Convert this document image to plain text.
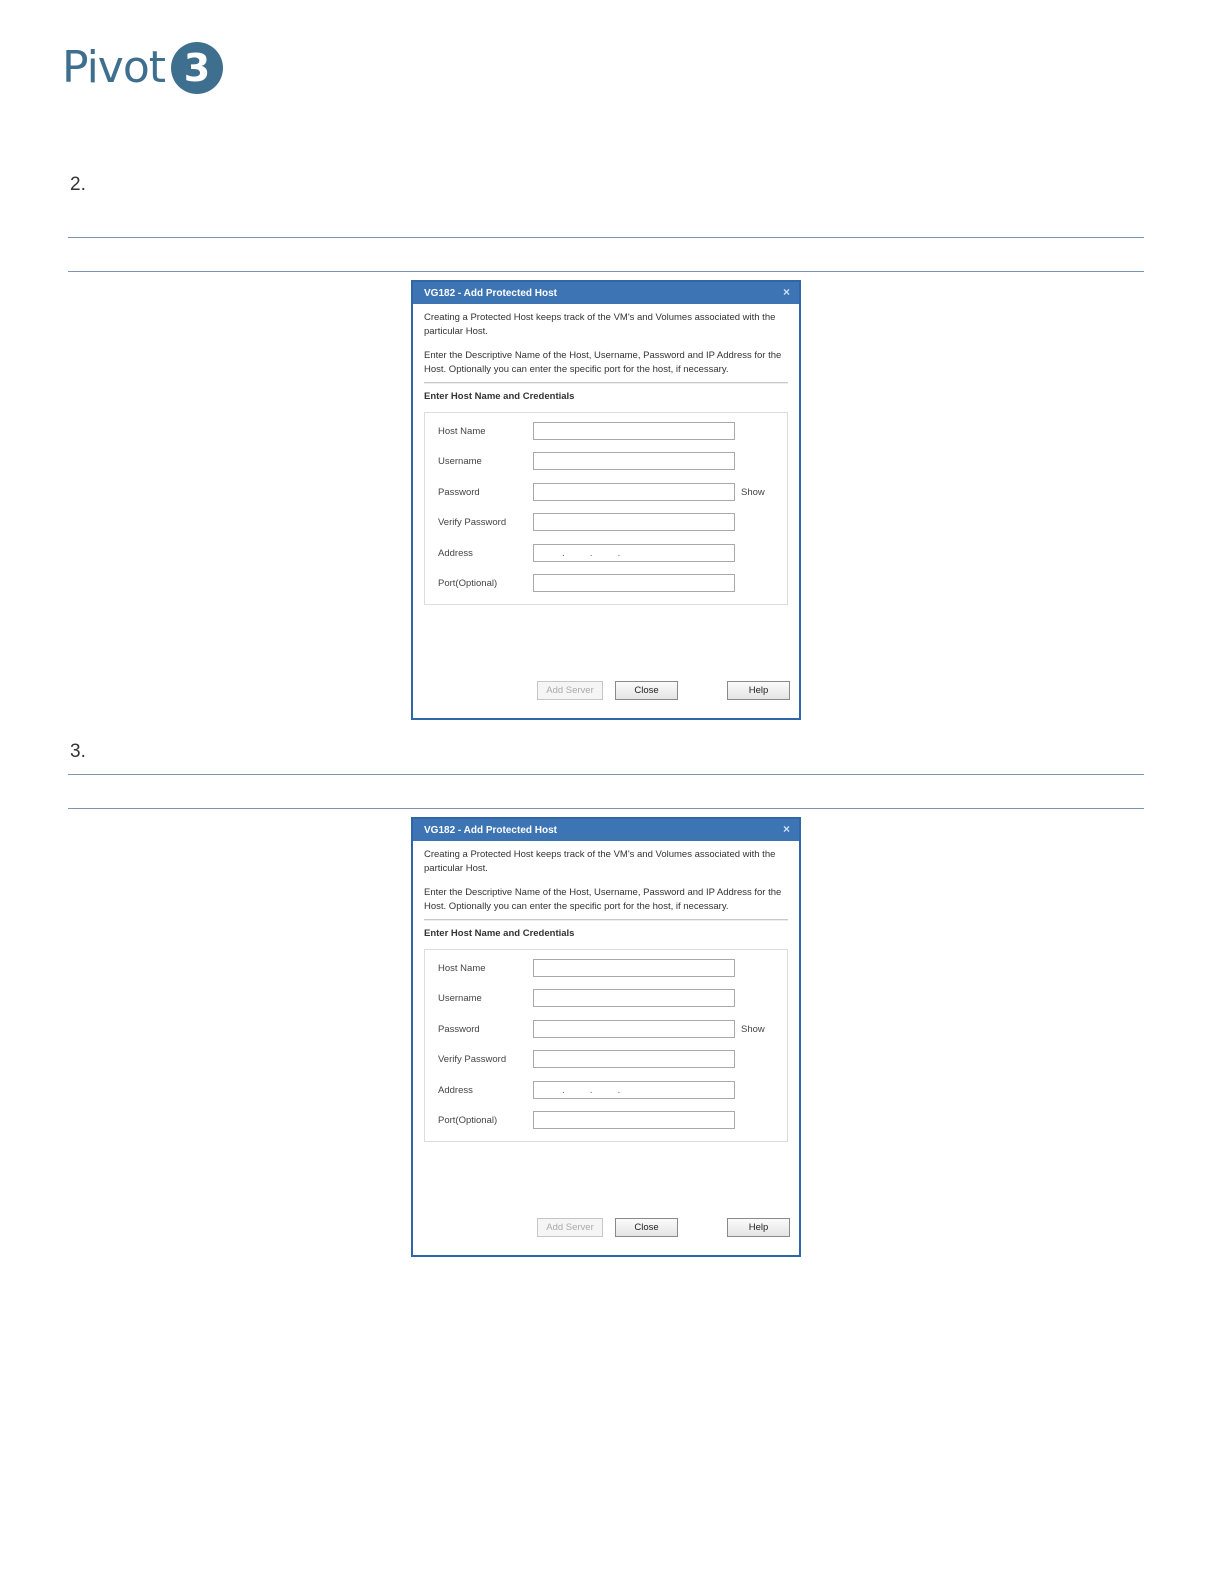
Pivot 3
2.
VG182 - Add Protected Host	×

Creating a Protected Host keeps track of the VM's and Volumes associated with the particular Host.

Enter the Descriptive Name of the Host, Username, Password and IP Address for the Host. Optionally you can enter the specific port for the host, if necessary.

Enter Host Name and Credentials
Host Name
Username
Password	Show
Verify Password
Address	...
Port(Optional)
Add Server	Close	Help
3.
VG182 - Add Protected Host	×

Creating a Protected Host keeps track of the VM's and Volumes associated with the particular Host.

Enter the Descriptive Name of the Host, Username, Password and IP Address for the Host. Optionally you can enter the specific port for the host, if necessary.

Enter Host Name and Credentials
Host Name
Username
Password	Show
Verify Password
Address	...
Port(Optional)
Add Server	Close	Help
